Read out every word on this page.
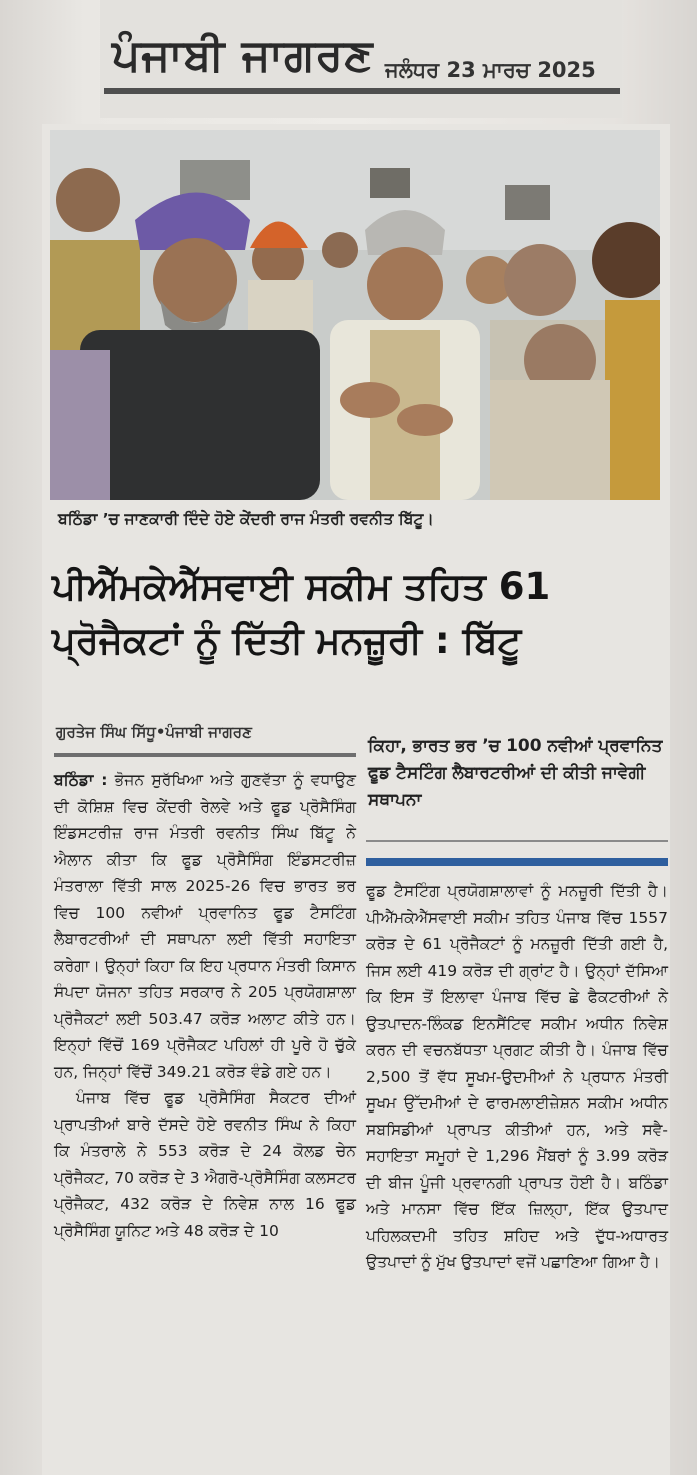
ਪੰਜਾਬੀ ਜਾਗਰਣ ਜਲੰਧਰ 23 ਮਾਰਚ 2025
ਬਠਿੰਡਾ ’ਚ ਜਾਣਕਾਰੀ ਦਿੰਦੇ ਹੋਏ ਕੇਂਦਰੀ ਰਾਜ ਮੰਤਰੀ ਰਵਨੀਤ ਬਿੱਟੂ।
ਪੀਐੱਮਕੇਐੱਸਵਾਈ ਸਕੀਮ ਤਹਿਤ 61 ਪ੍ਰੋਜੈਕਟਾਂ ਨੂੰ ਦਿੱਤੀ ਮਨਜ਼ੂਰੀ : ਬਿੱਟੂ
ਗੁਰਤੇਜ ਸਿੰਘ ਸਿੱਧੂ•ਪੰਜਾਬੀ ਜਾਗਰਣ
ਕਿਹਾ, ਭਾਰਤ ਭਰ ’ਚ 100 ਨਵੀਆਂ ਪ੍ਰਵਾਨਿਤ ਫੂਡ ਟੈਸਟਿੰਗ ਲੈਬਾਰਟਰੀਆਂ ਦੀ ਕੀਤੀ ਜਾਵੇਗੀ ਸਥਾਪਨਾ

ਬਠਿੰਡਾ : ਭੋਜਨ ਸੁਰੱਖਿਆ ਅਤੇ ਗੁਣਵੱਤਾ ਨੂੰ ਵਧਾਉਣ ਦੀ ਕੋਸ਼ਿਸ਼ ਵਿਚ ਕੇਂਦਰੀ ਰੇਲਵੇ ਅਤੇ ਫੂਡ ਪ੍ਰੋਸੈਸਿੰਗ ਇੰਡਸਟਰੀਜ਼ ਰਾਜ ਮੰਤਰੀ ਰਵਨੀਤ ਸਿੰਘ ਬਿੱਟੂ ਨੇ ਐਲਾਨ ਕੀਤਾ ਕਿ ਫੂਡ ਪ੍ਰੋਸੈਸਿੰਗ ਇੰਡਸਟਰੀਜ਼ ਮੰਤਰਾਲਾ ਵਿੱਤੀ ਸਾਲ 2025-26 ਵਿਚ ਭਾਰਤ ਭਰ ਵਿਚ 100 ਨਵੀਆਂ ਪ੍ਰਵਾਨਿਤ ਫੂਡ ਟੈਸਟਿੰਗ ਲੈਬਾਰਟਰੀਆਂ ਦੀ ਸਥਾਪਨਾ ਲਈ ਵਿੱਤੀ ਸਹਾਇਤਾ ਕਰੇਗਾ। ਉਨ੍ਹਾਂ ਕਿਹਾ ਕਿ ਇਹ ਪ੍ਰਧਾਨ ਮੰਤਰੀ ਕਿਸਾਨ ਸੰਪਦਾ ਯੋਜਨਾ ਤਹਿਤ ਸਰਕਾਰ ਨੇ 205 ਪ੍ਰਯੋਗਸ਼ਾਲਾ ਪ੍ਰੋਜੈਕਟਾਂ ਲਈ 503.47 ਕਰੋੜ ਅਲਾਟ ਕੀਤੇ ਹਨ। ਇਨ੍ਹਾਂ ਵਿੱਚੋਂ 169 ਪ੍ਰੋਜੈਕਟ ਪਹਿਲਾਂ ਹੀ ਪੂਰੇ ਹੋ ਚੁੱਕੇ ਹਨ, ਜਿਨ੍ਹਾਂ ਵਿੱਚੋਂ 349.21 ਕਰੋੜ ਵੰਡੇ ਗਏ ਹਨ।

ਪੰਜਾਬ ਵਿੱਚ ਫੂਡ ਪ੍ਰੋਸੈਸਿੰਗ ਸੈਕਟਰ ਦੀਆਂ ਪ੍ਰਾਪਤੀਆਂ ਬਾਰੇ ਦੱਸਦੇ ਹੋਏ ਰਵਨੀਤ ਸਿੰਘ ਨੇ ਕਿਹਾ ਕਿ ਮੰਤਰਾਲੇ ਨੇ 553 ਕਰੋੜ ਦੇ 24 ਕੋਲਡ ਚੇਨ ਪ੍ਰੋਜੈਕਟ, 70 ਕਰੋੜ ਦੇ 3 ਐਗਰੋ-ਪ੍ਰੋਸੈਸਿੰਗ ਕਲਸਟਰ ਪ੍ਰੋਜੈਕਟ, 432 ਕਰੋੜ ਦੇ ਨਿਵੇਸ਼ ਨਾਲ 16 ਫੂਡ ਪ੍ਰੋਸੈਸਿੰਗ ਯੂਨਿਟ ਅਤੇ 48 ਕਰੋੜ ਦੇ 10

ਫੂਡ ਟੈਸਟਿੰਗ ਪ੍ਰਯੋਗਸ਼ਾਲਾਵਾਂ ਨੂੰ ਮਨਜ਼ੂਰੀ ਦਿੱਤੀ ਹੈ। ਪੀਐੱਮਕੇਐੱਸਵਾਈ ਸਕੀਮ ਤਹਿਤ ਪੰਜਾਬ ਵਿੱਚ 1557 ਕਰੋੜ ਦੇ 61 ਪ੍ਰੋਜੈਕਟਾਂ ਨੂੰ ਮਨਜ਼ੂਰੀ ਦਿੱਤੀ ਗਈ ਹੈ, ਜਿਸ ਲਈ 419 ਕਰੋੜ ਦੀ ਗ੍ਰਾਂਟ ਹੈ। ਉਨ੍ਹਾਂ ਦੱਸਿਆ ਕਿ ਇਸ ਤੋਂ ਇਲਾਵਾ ਪੰਜਾਬ ਵਿੱਚ ਛੇ ਫੈਕਟਰੀਆਂ ਨੇ ਉਤਪਾਦਨ-ਲਿੰਕਡ ਇਨਸੈਂਟਿਵ ਸਕੀਮ ਅਧੀਨ ਨਿਵੇਸ਼ ਕਰਨ ਦੀ ਵਚਨਬੱਧਤਾ ਪ੍ਰਗਟ ਕੀਤੀ ਹੈ। ਪੰਜਾਬ ਵਿੱਚ 2,500 ਤੋਂ ਵੱਧ ਸੂਖਮ-ਉਦਮੀਆਂ ਨੇ ਪ੍ਰਧਾਨ ਮੰਤਰੀ ਸੂਖਮ ਉੱਦਮੀਆਂ ਦੇ ਫਾਰਮਲਾਈਜ਼ੇਸ਼ਨ ਸਕੀਮ ਅਧੀਨ ਸਬਸਿਡੀਆਂ ਪ੍ਰਾਪਤ ਕੀਤੀਆਂ ਹਨ, ਅਤੇ ਸਵੈ-ਸਹਾਇਤਾ ਸਮੂਹਾਂ ਦੇ 1,296 ਮੈਂਬਰਾਂ ਨੂੰ 3.99 ਕਰੋੜ ਦੀ ਬੀਜ ਪੂੰਜੀ ਪ੍ਰਵਾਨਗੀ ਪ੍ਰਾਪਤ ਹੋਈ ਹੈ। ਬਠਿੰਡਾ ਅਤੇ ਮਾਨਸਾ ਵਿੱਚ ਇੱਕ ਜ਼ਿਲ੍ਹਾ, ਇੱਕ ਉਤਪਾਦ ਪਹਿਲਕਦਮੀ ਤਹਿਤ ਸ਼ਹਿਦ ਅਤੇ ਦੁੱਧ-ਅਧਾਰਤ ਉਤਪਾਦਾਂ ਨੂੰ ਮੁੱਖ ਉਤਪਾਦਾਂ ਵਜੋਂ ਪਛਾਣਿਆ ਗਿਆ ਹੈ।
